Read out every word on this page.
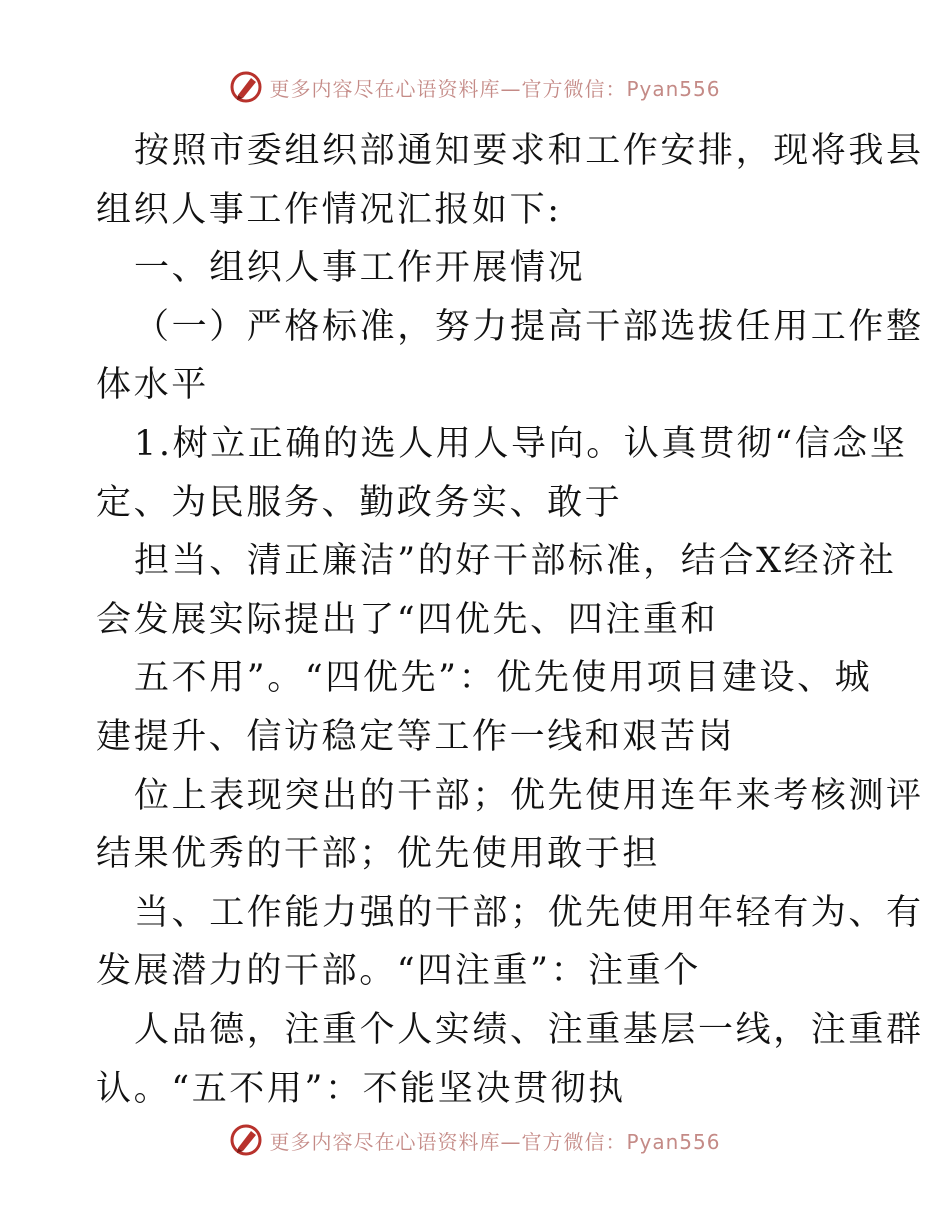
更多内容尽在心语资料库—官方微信：Pyan556
按照市委组织部通知要求和工作安排，现将我县
组织人事工作情况汇报如下:
一、组织人事工作开展情况
（一）严格标准，努力提高干部选拔任用工作整
体水平
1.树立正确的选人用人导向。认真贯彻“信念坚
定、为民服务、勤政务实、敢于
担当、清正廉洁”的好干部标准，结合X经济社
会发展实际提出了“四优先、四注重和
五不用”。“四优先”：优先使用项目建设、城
建提升、信访稳定等工作一线和艰苦岗
位上表现突出的干部；优先使用连年来考核测评
结果优秀的干部；优先使用敢于担
当、工作能力强的干部；优先使用年轻有为、有
发展潜力的干部。“四注重”：注重个
人品德，注重个人实绩、注重基层一线，注重群
认。“五不用”：不能坚决贯彻执
更多内容尽在心语资料库—官方微信：Pyan556
